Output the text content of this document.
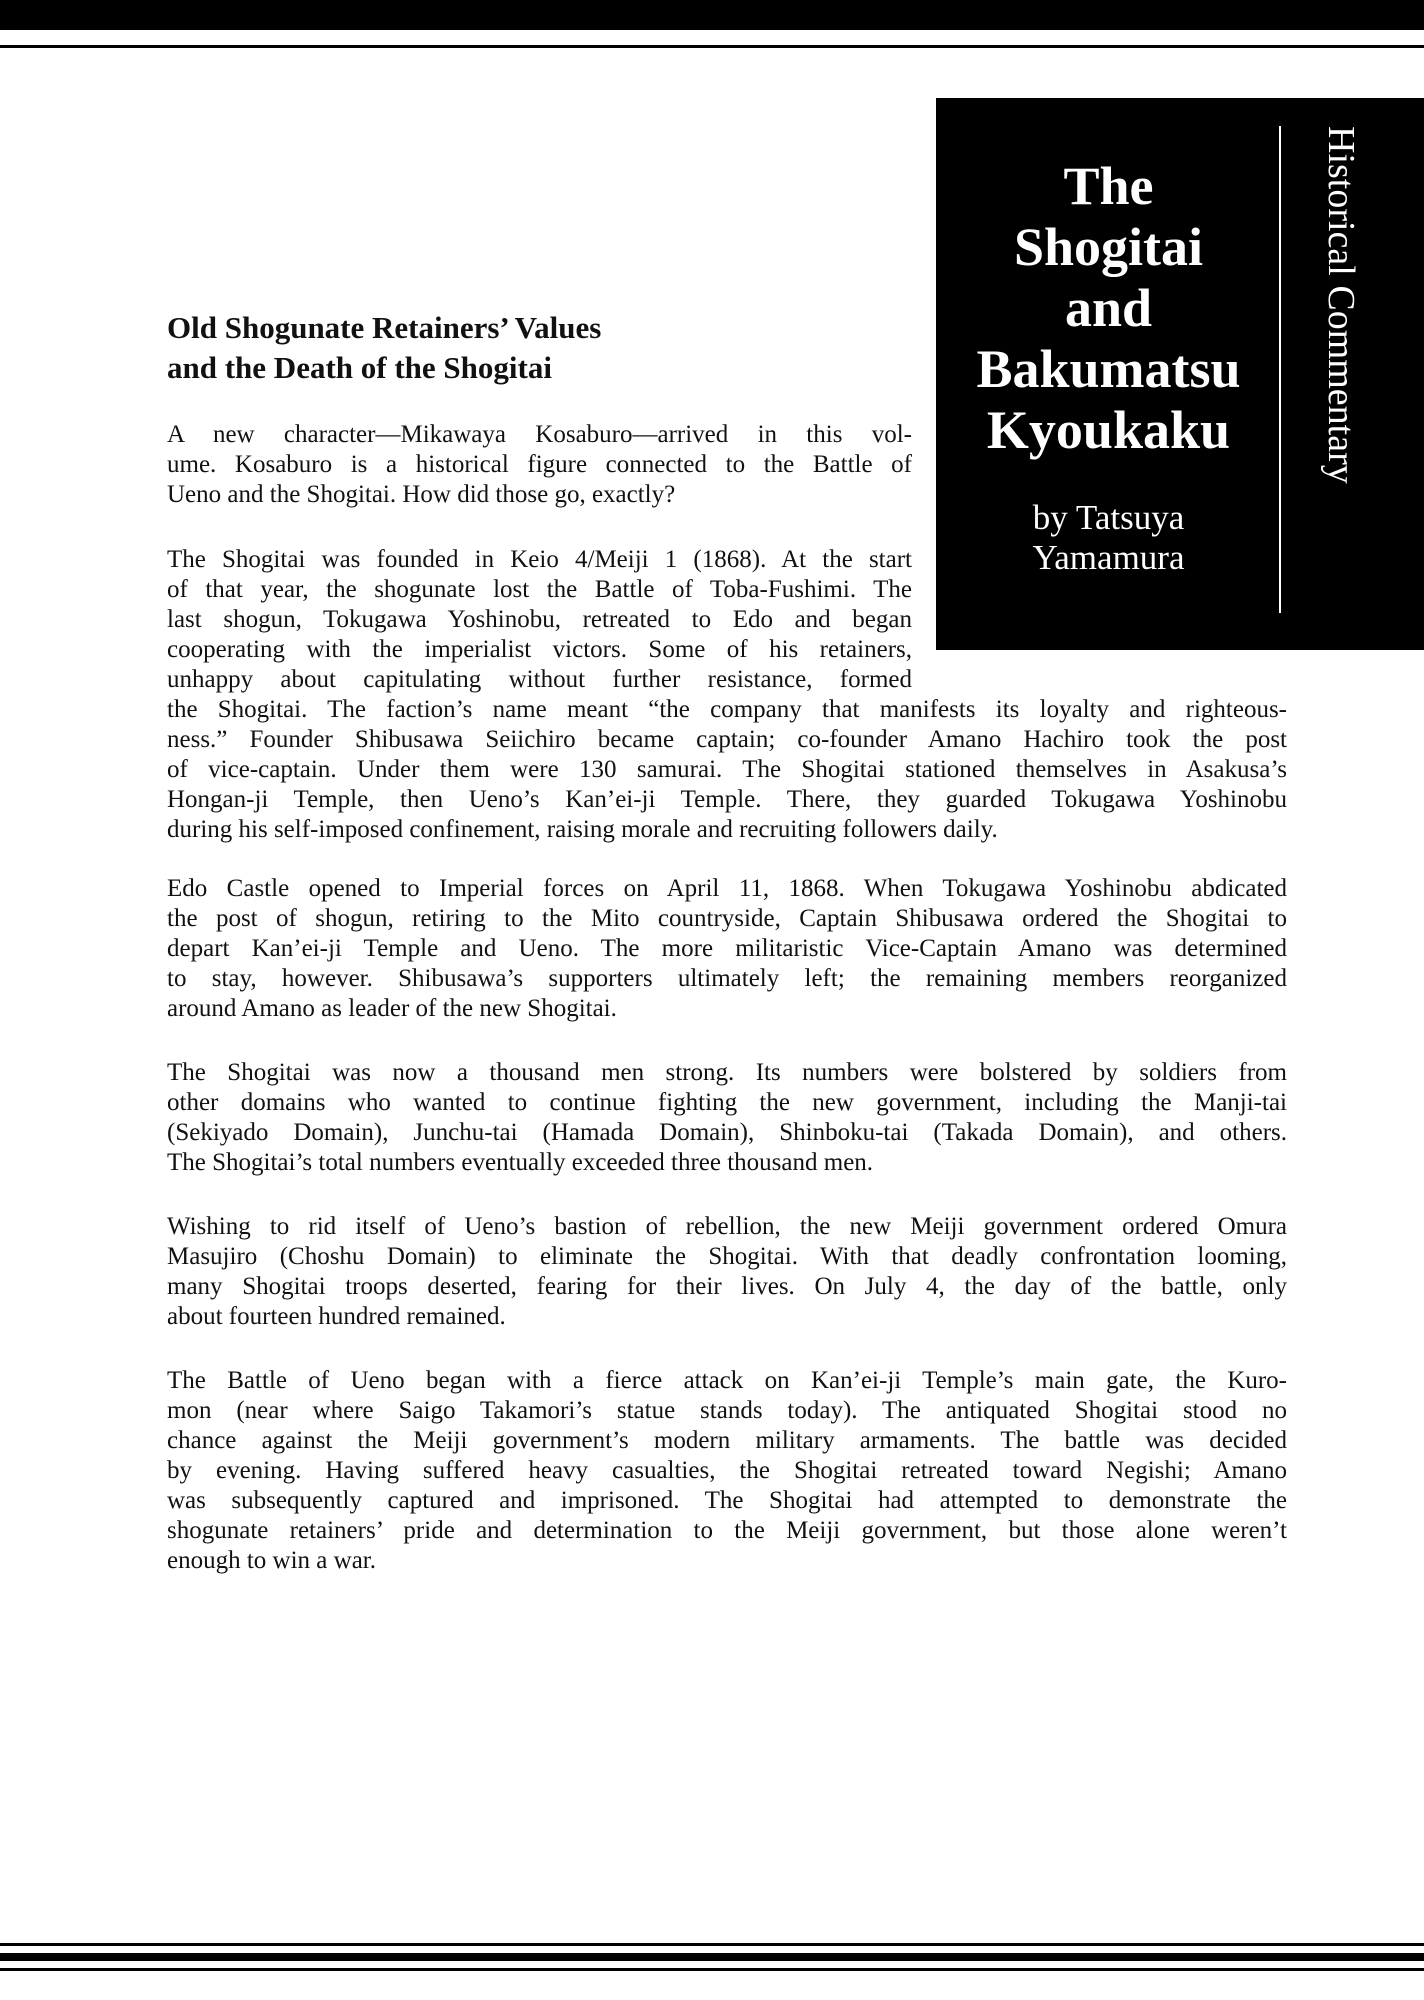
The
Shogitai
and
Bakumatsu
Kyoukaku
by Tatsuya
Yamamura
Historical Commentary
Old Shogunate Retainers’ Values
and the Death of the Shogitai

A new character—Mikawaya Kosaburo—arrived in this vol-
ume. Kosaburo is a historical figure connected to the Battle of
Ueno and the Shogitai. How did those go, exactly?

The Shogitai was founded in Keio 4/Meiji 1 (1868). At the start
of that year, the shogunate lost the Battle of Toba-Fushimi. The
last shogun, Tokugawa Yoshinobu, retreated to Edo and began
cooperating with the imperialist victors. Some of his retainers,
unhappy about capitulating without further resistance, formed
the Shogitai. The faction’s name meant “the company that manifests its loyalty and righteous-
ness.” Founder Shibusawa Seiichiro became captain; co-founder Amano Hachiro took the post
of vice-captain. Under them were 130 samurai. The Shogitai stationed themselves in Asakusa’s
Hongan-ji Temple, then Ueno’s Kan’ei-ji Temple. There, they guarded Tokugawa Yoshinobu
during his self-imposed confinement, raising morale and recruiting followers daily.

Edo Castle opened to Imperial forces on April 11, 1868. When Tokugawa Yoshinobu abdicated
the post of shogun, retiring to the Mito countryside, Captain Shibusawa ordered the Shogitai to
depart Kan’ei-ji Temple and Ueno. The more militaristic Vice-Captain Amano was determined
to stay, however. Shibusawa’s supporters ultimately left; the remaining members reorganized
around Amano as leader of the new Shogitai.

The Shogitai was now a thousand men strong. Its numbers were bolstered by soldiers from
other domains who wanted to continue fighting the new government, including the Manji-tai
(Sekiyado Domain), Junchu-tai (Hamada Domain), Shinboku-tai (Takada Domain), and others.
The Shogitai’s total numbers eventually exceeded three thousand men.

Wishing to rid itself of Ueno’s bastion of rebellion, the new Meiji government ordered Omura
Masujiro (Choshu Domain) to eliminate the Shogitai. With that deadly confrontation looming,
many Shogitai troops deserted, fearing for their lives. On July 4, the day of the battle, only
about fourteen hundred remained.

The Battle of Ueno began with a fierce attack on Kan’ei-ji Temple’s main gate, the Kuro-
mon (near where Saigo Takamori’s statue stands today). The antiquated Shogitai stood no
chance against the Meiji government’s modern military armaments. The battle was decided
by evening. Having suffered heavy casualties, the Shogitai retreated toward Negishi; Amano
was subsequently captured and imprisoned. The Shogitai had attempted to demonstrate the
shogunate retainers’ pride and determination to the Meiji government, but those alone weren’t
enough to win a war.
